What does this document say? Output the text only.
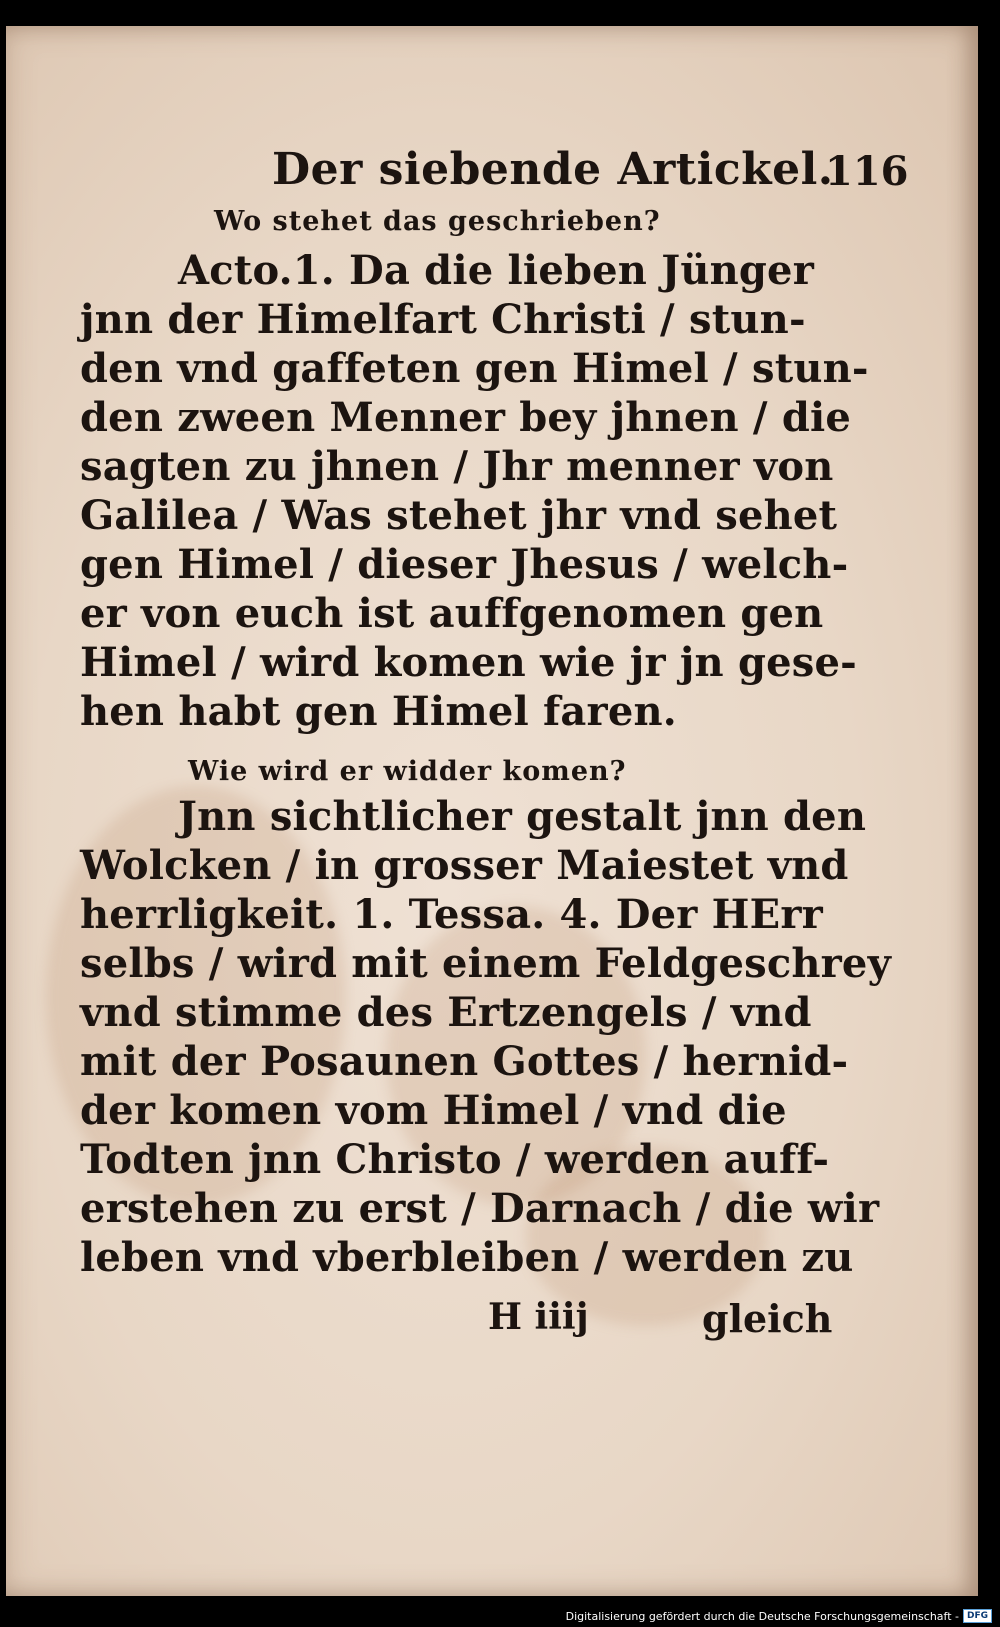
Der siebende Artickel.
116
Wo stehet das geschrieben?
Acto.1. Da die lieben Jünger
jnn der Himelfart Christi / stun-
den vnd gaffeten gen Himel / stun-
den zween Menner bey jhnen / die
sagten zu jhnen / Jhr menner von
Galilea / Was stehet jhr vnd sehet
gen Himel / dieser Jhesus / welch-
er von euch ist auffgenomen gen
Himel / wird komen wie jr jn gese-
hen habt gen Himel faren.
Wie wird er widder komen?
Jnn sichtlicher gestalt jnn den
Wolcken / in grosser Maiestet vnd
herrligkeit. 1. Tessa. 4. Der HErr
selbs / wird mit einem Feldgeschrey
vnd stimme des Ertzengels / vnd
mit der Posaunen Gottes / hernid-
der komen vom Himel / vnd die
Todten jnn Christo / werden auff-
erstehen zu erst / Darnach / die wir
leben vnd vberbleiben / werden zu
H iiij	gleich
Digitalisierung gefördert durch die Deutsche Forschungsgemeinschaft - DFG
